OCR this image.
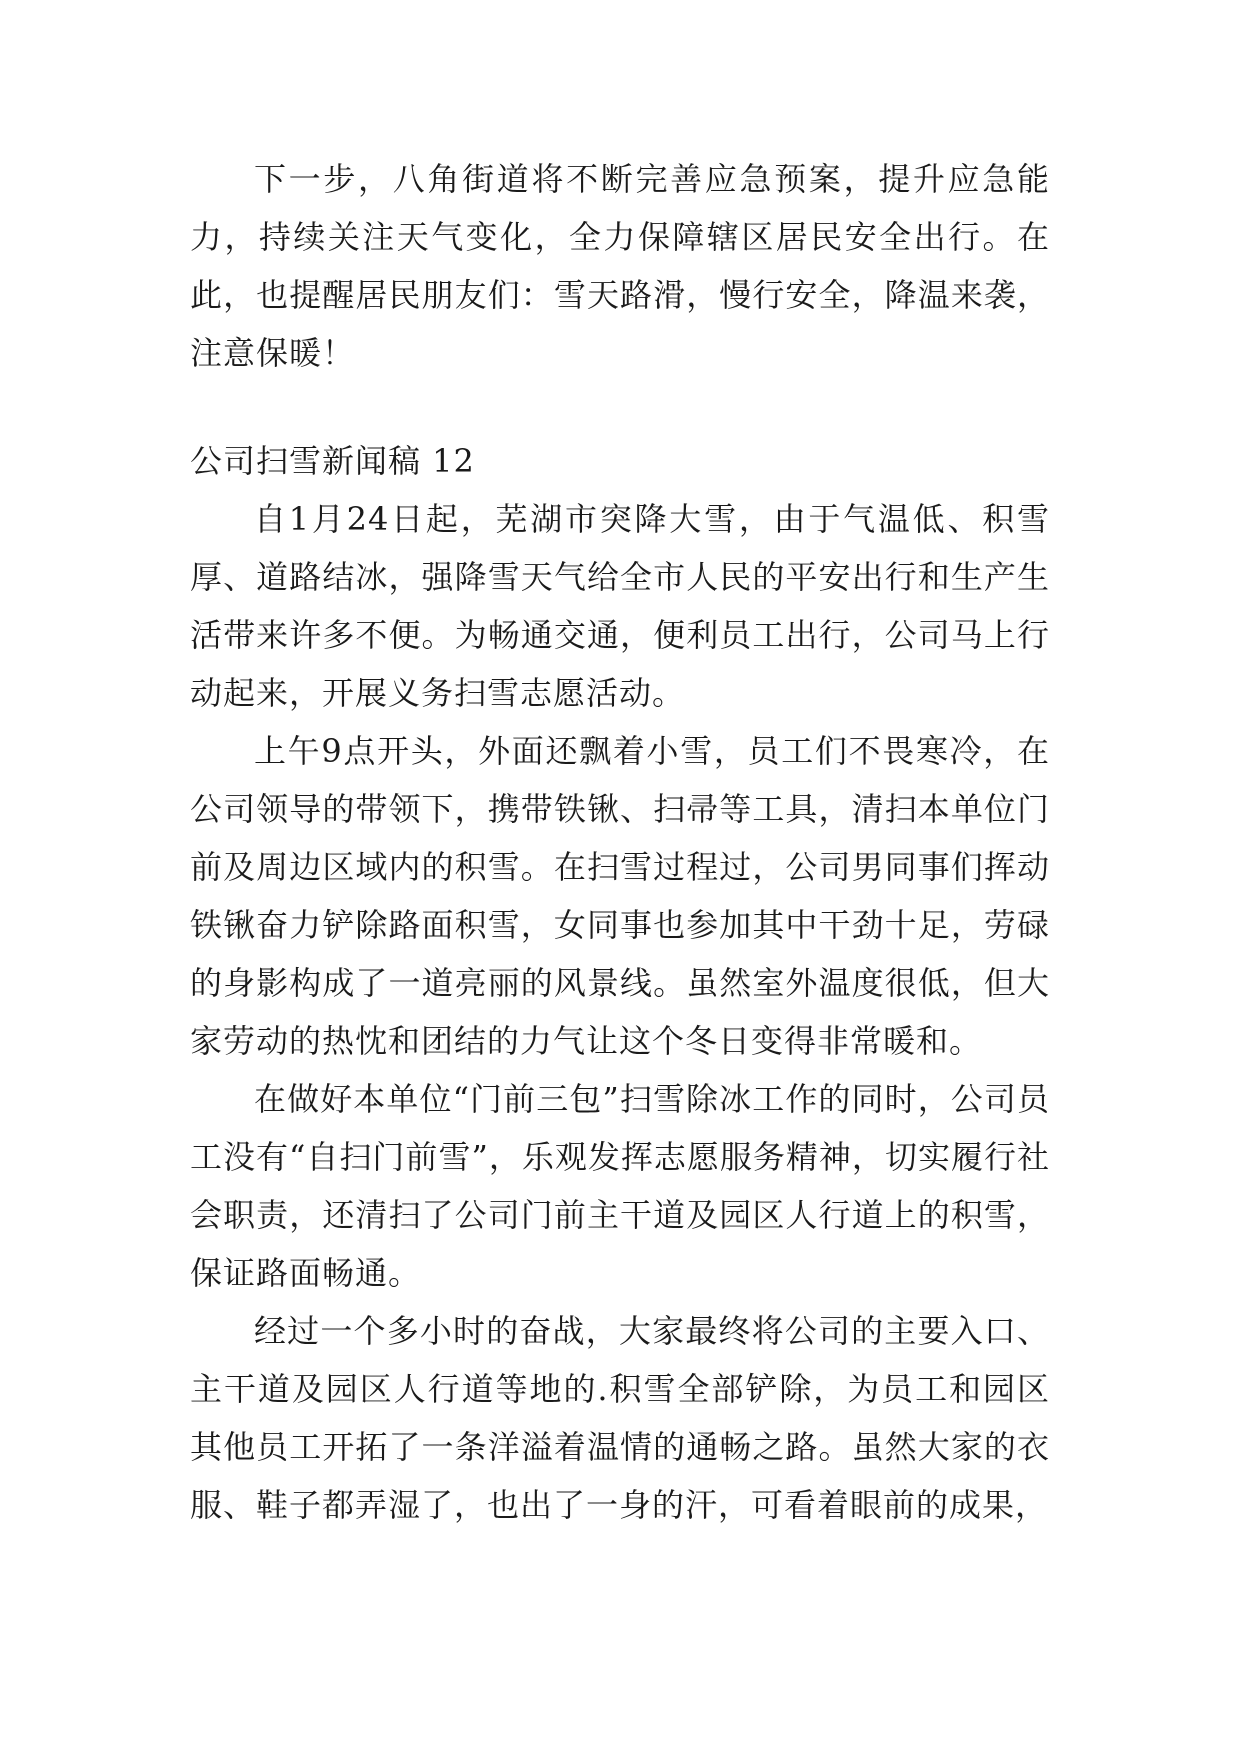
下一步，八角街道将不断完善应急预案，提升应急能力，持续关注天气变化，全力保障辖区居民安全出行。在此，也提醒居民朋友们：雪天路滑，慢行安全，降温来袭，注意保暖！

公司扫雪新闻稿 12

自1月24日起，芜湖市突降大雪，由于气温低、积雪厚、道路结冰，强降雪天气给全市人民的平安出行和生产生活带来许多不便。为畅通交通，便利员工出行，公司马上行动起来，开展义务扫雪志愿活动。

上午9点开头，外面还飘着小雪，员工们不畏寒冷，在公司领导的带领下，携带铁锹、扫帚等工具，清扫本单位门前及周边区域内的积雪。在扫雪过程过，公司男同事们挥动铁锹奋力铲除路面积雪，女同事也参加其中干劲十足，劳碌的身影构成了一道亮丽的风景线。虽然室外温度很低，但大家劳动的热忱和团结的力气让这个冬日变得非常暖和。

在做好本单位“门前三包”扫雪除冰工作的同时，公司员工没有“自扫门前雪”，乐观发挥志愿服务精神，切实履行社会职责，还清扫了公司门前主干道及园区人行道上的积雪，保证路面畅通。

经过一个多小时的奋战，大家最终将公司的主要入口、主干道及园区人行道等地的.积雪全部铲除，为员工和园区其他员工开拓了一条洋溢着温情的通畅之路。虽然大家的衣服、鞋子都弄湿了，也出了一身的汗，可看着眼前的成果，
